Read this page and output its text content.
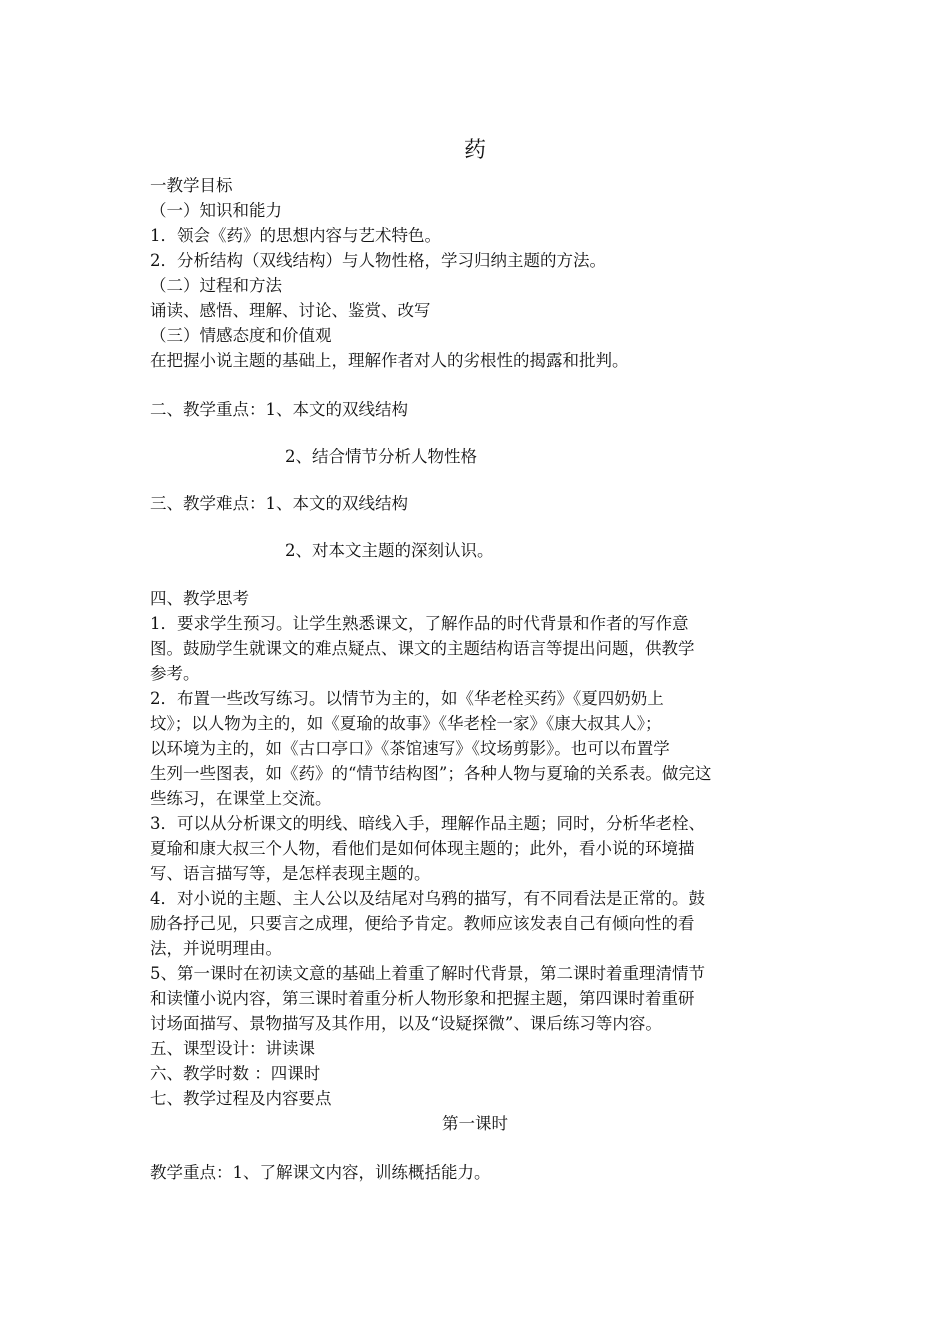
药
一教学目标
（一）知识和能力
1．领会《药》的思想内容与艺术特色。
2．分析结构（双线结构）与人物性格，学习归纳主题的方法。
（二）过程和方法
诵读、感悟、理解、讨论、鉴赏、改写
（三）情感态度和价值观
在把握小说主题的基础上，理解作者对人的劣根性的揭露和批判。
二、教学重点：1、本文的双线结构
2、结合情节分析人物性格
三、教学难点：1、本文的双线结构
2、对本文主题的深刻认识。
四、教学思考
1．要求学生预习。让学生熟悉课文，了解作品的时代背景和作者的写作意
图。鼓励学生就课文的难点疑点、课文的主题结构语言等提出问题，供教学
参考。
2．布置一些改写练习。以情节为主的，如《华老栓买药》《夏四奶奶上
坟》；以人物为主的，如《夏瑜的故事》《华老栓一家》《康大叔其人》；
以环境为主的，如《古口亭口》《茶馆速写》《坟场剪影》。也可以布置学
生列一些图表，如《药》的“情节结构图”；各种人物与夏瑜的关系表。做完这
些练习，在课堂上交流。
3．可以从分析课文的明线、暗线入手，理解作品主题；同时，分析华老栓、
夏瑜和康大叔三个人物，看他们是如何体现主题的；此外，看小说的环境描
写、语言描写等，是怎样表现主题的。
4．对小说的主题、主人公以及结尾对乌鸦的描写，有不同看法是正常的。鼓
励各抒己见，只要言之成理，便给予肯定。教师应该发表自己有倾向性的看
法，并说明理由。
5、第一课时在初读文意的基础上着重了解时代背景，第二课时着重理清情节
和读懂小说内容，第三课时着重分析人物形象和把握主题，第四课时着重研
讨场面描写、景物描写及其作用，以及“设疑探微”、课后练习等内容。
五、课型设计：讲读课
六、教学时数 ：四课时
七、教学过程及内容要点
第一课时
教学重点：1、了解课文内容，训练概括能力。
